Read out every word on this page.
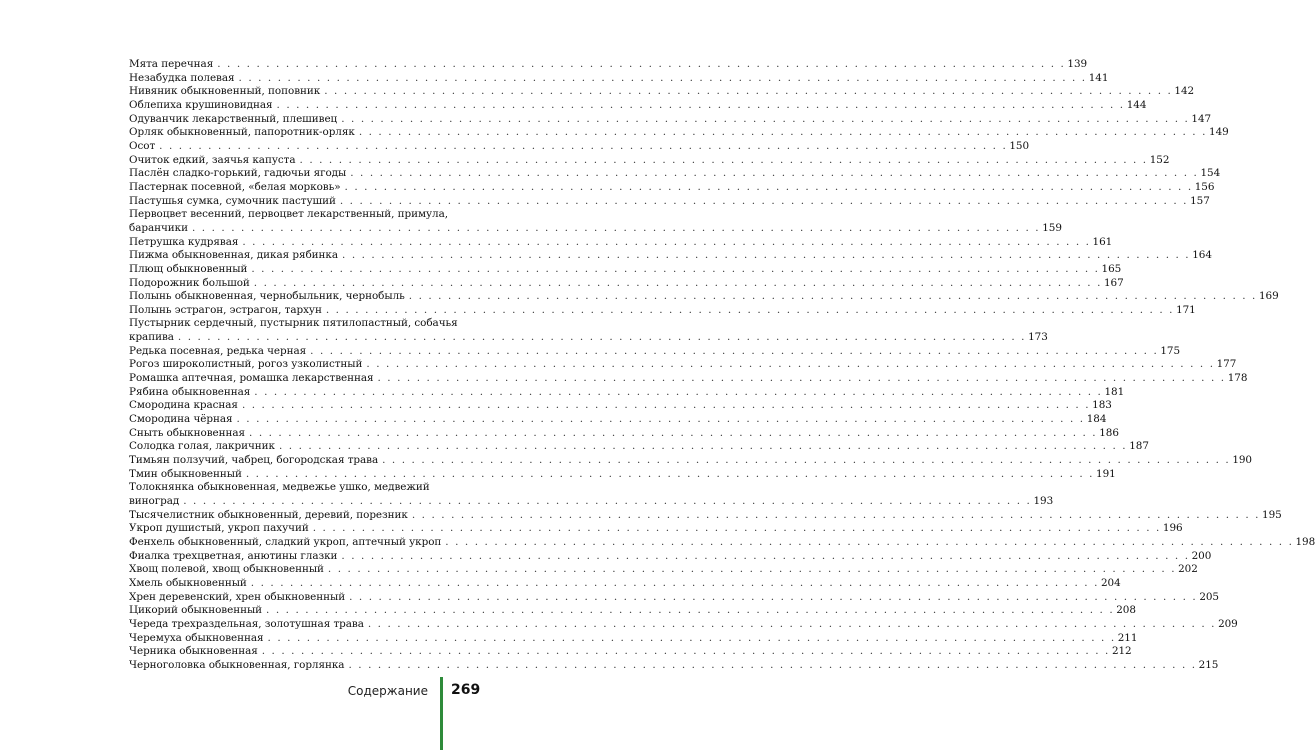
Мята перечная . . . . . . . . . . . . . . . . . . . . . . . . . . . . . . . . . . . . . . . . . . . . . . . . . . . . . . . . . . . . . . . . . . . . . . . . . . . . . . . . . . . . . . . 139
Незабудка полевая . . . . . . . . . . . . . . . . . . . . . . . . . . . . . . . . . . . . . . . . . . . . . . . . . . . . . . . . . . . . . . . . . . . . . . . . . . . . . . . . . . . . . . . 141
Нивяник обыкновенный, поповник . . . . . . . . . . . . . . . . . . . . . . . . . . . . . . . . . . . . . . . . . . . . . . . . . . . . . . . . . . . . . . . . . . . . . . . . . . . . . . . . . . . . . . . 142
Облепиха крушиновидная . . . . . . . . . . . . . . . . . . . . . . . . . . . . . . . . . . . . . . . . . . . . . . . . . . . . . . . . . . . . . . . . . . . . . . . . . . . . . . . . . . . . . . . 144
Одуванчик лекарственный, плешивец . . . . . . . . . . . . . . . . . . . . . . . . . . . . . . . . . . . . . . . . . . . . . . . . . . . . . . . . . . . . . . . . . . . . . . . . . . . . . . . . . . . . . . . 147
Орляк обыкновенный, папоротник-орляк . . . . . . . . . . . . . . . . . . . . . . . . . . . . . . . . . . . . . . . . . . . . . . . . . . . . . . . . . . . . . . . . . . . . . . . . . . . . . . . . . . . . . . . 149
Осот . . . . . . . . . . . . . . . . . . . . . . . . . . . . . . . . . . . . . . . . . . . . . . . . . . . . . . . . . . . . . . . . . . . . . . . . . . . . . . . . . . . . . . . 150
Очиток едкий, заячья капуста . . . . . . . . . . . . . . . . . . . . . . . . . . . . . . . . . . . . . . . . . . . . . . . . . . . . . . . . . . . . . . . . . . . . . . . . . . . . . . . . . . . . . . . 152
Паслён сладко-горький, гадючьи ягоды . . . . . . . . . . . . . . . . . . . . . . . . . . . . . . . . . . . . . . . . . . . . . . . . . . . . . . . . . . . . . . . . . . . . . . . . . . . . . . . . . . . . . . . 154
Пастернак посевной, «белая морковь» . . . . . . . . . . . . . . . . . . . . . . . . . . . . . . . . . . . . . . . . . . . . . . . . . . . . . . . . . . . . . . . . . . . . . . . . . . . . . . . . . . . . . . . 156
Пастушья сумка, сумочник пастуший . . . . . . . . . . . . . . . . . . . . . . . . . . . . . . . . . . . . . . . . . . . . . . . . . . . . . . . . . . . . . . . . . . . . . . . . . . . . . . . . . . . . . . . 157
Первоцвет весенний, первоцвет лекарственный, примула,
баранчики . . . . . . . . . . . . . . . . . . . . . . . . . . . . . . . . . . . . . . . . . . . . . . . . . . . . . . . . . . . . . . . . . . . . . . . . . . . . . . . . . . . . . . . 159
Петрушка кудрявая . . . . . . . . . . . . . . . . . . . . . . . . . . . . . . . . . . . . . . . . . . . . . . . . . . . . . . . . . . . . . . . . . . . . . . . . . . . . . . . . . . . . . . . 161
Пижма обыкновенная, дикая рябинка . . . . . . . . . . . . . . . . . . . . . . . . . . . . . . . . . . . . . . . . . . . . . . . . . . . . . . . . . . . . . . . . . . . . . . . . . . . . . . . . . . . . . . . 164
Плющ обыкновенный . . . . . . . . . . . . . . . . . . . . . . . . . . . . . . . . . . . . . . . . . . . . . . . . . . . . . . . . . . . . . . . . . . . . . . . . . . . . . . . . . . . . . . . 165
Подорожник большой . . . . . . . . . . . . . . . . . . . . . . . . . . . . . . . . . . . . . . . . . . . . . . . . . . . . . . . . . . . . . . . . . . . . . . . . . . . . . . . . . . . . . . . 167
Полынь обыкновенная, чернобыльник, чернобыль . . . . . . . . . . . . . . . . . . . . . . . . . . . . . . . . . . . . . . . . . . . . . . . . . . . . . . . . . . . . . . . . . . . . . . . . . . . . . . . . . . . . . . . 169
Полынь эстрагон, эстрагон, тархун . . . . . . . . . . . . . . . . . . . . . . . . . . . . . . . . . . . . . . . . . . . . . . . . . . . . . . . . . . . . . . . . . . . . . . . . . . . . . . . . . . . . . . . 171
Пустырник сердечный, пустырник пятилопастный, собачья
крапива . . . . . . . . . . . . . . . . . . . . . . . . . . . . . . . . . . . . . . . . . . . . . . . . . . . . . . . . . . . . . . . . . . . . . . . . . . . . . . . . . . . . . . . 173
Редька посевная, редька черная . . . . . . . . . . . . . . . . . . . . . . . . . . . . . . . . . . . . . . . . . . . . . . . . . . . . . . . . . . . . . . . . . . . . . . . . . . . . . . . . . . . . . . . 175
Рогоз широколистный, рогоз узколистный . . . . . . . . . . . . . . . . . . . . . . . . . . . . . . . . . . . . . . . . . . . . . . . . . . . . . . . . . . . . . . . . . . . . . . . . . . . . . . . . . . . . . . . 177
Ромашка аптечная, ромашка лекарственная . . . . . . . . . . . . . . . . . . . . . . . . . . . . . . . . . . . . . . . . . . . . . . . . . . . . . . . . . . . . . . . . . . . . . . . . . . . . . . . . . . . . . . . 178
Рябина обыкновенная . . . . . . . . . . . . . . . . . . . . . . . . . . . . . . . . . . . . . . . . . . . . . . . . . . . . . . . . . . . . . . . . . . . . . . . . . . . . . . . . . . . . . . . 181
Смородина красная . . . . . . . . . . . . . . . . . . . . . . . . . . . . . . . . . . . . . . . . . . . . . . . . . . . . . . . . . . . . . . . . . . . . . . . . . . . . . . . . . . . . . . . 183
Смородина чёрная . . . . . . . . . . . . . . . . . . . . . . . . . . . . . . . . . . . . . . . . . . . . . . . . . . . . . . . . . . . . . . . . . . . . . . . . . . . . . . . . . . . . . . . 184
Сныть обыкновенная . . . . . . . . . . . . . . . . . . . . . . . . . . . . . . . . . . . . . . . . . . . . . . . . . . . . . . . . . . . . . . . . . . . . . . . . . . . . . . . . . . . . . . . 186
Солодка голая, лакричник . . . . . . . . . . . . . . . . . . . . . . . . . . . . . . . . . . . . . . . . . . . . . . . . . . . . . . . . . . . . . . . . . . . . . . . . . . . . . . . . . . . . . . . 187
Тимьян ползучий, чабрец, богородская трава . . . . . . . . . . . . . . . . . . . . . . . . . . . . . . . . . . . . . . . . . . . . . . . . . . . . . . . . . . . . . . . . . . . . . . . . . . . . . . . . . . . . . . . 190
Тмин обыкновенный . . . . . . . . . . . . . . . . . . . . . . . . . . . . . . . . . . . . . . . . . . . . . . . . . . . . . . . . . . . . . . . . . . . . . . . . . . . . . . . . . . . . . . . 191
Толокнянка обыкновенная, медвежье ушко, медвежий
виноград . . . . . . . . . . . . . . . . . . . . . . . . . . . . . . . . . . . . . . . . . . . . . . . . . . . . . . . . . . . . . . . . . . . . . . . . . . . . . . . . . . . . . . . 193
Тысячелистник обыкновенный, деревий, порезник . . . . . . . . . . . . . . . . . . . . . . . . . . . . . . . . . . . . . . . . . . . . . . . . . . . . . . . . . . . . . . . . . . . . . . . . . . . . . . . . . . . . . . . 195
Укроп душистый, укроп пахучий . . . . . . . . . . . . . . . . . . . . . . . . . . . . . . . . . . . . . . . . . . . . . . . . . . . . . . . . . . . . . . . . . . . . . . . . . . . . . . . . . . . . . . . 196
Фенхель обыкновенный, сладкий укроп, аптечный укроп . . . . . . . . . . . . . . . . . . . . . . . . . . . . . . . . . . . . . . . . . . . . . . . . . . . . . . . . . . . . . . . . . . . . . . . . . . . . . . . . . . . . . . . 198
Фиалка трехцветная, анютины глазки . . . . . . . . . . . . . . . . . . . . . . . . . . . . . . . . . . . . . . . . . . . . . . . . . . . . . . . . . . . . . . . . . . . . . . . . . . . . . . . . . . . . . . . 200
Хвощ полевой, хвощ обыкновенный . . . . . . . . . . . . . . . . . . . . . . . . . . . . . . . . . . . . . . . . . . . . . . . . . . . . . . . . . . . . . . . . . . . . . . . . . . . . . . . . . . . . . . . 202
Хмель обыкновенный . . . . . . . . . . . . . . . . . . . . . . . . . . . . . . . . . . . . . . . . . . . . . . . . . . . . . . . . . . . . . . . . . . . . . . . . . . . . . . . . . . . . . . . 204
Хрен деревенский, хрен обыкновенный . . . . . . . . . . . . . . . . . . . . . . . . . . . . . . . . . . . . . . . . . . . . . . . . . . . . . . . . . . . . . . . . . . . . . . . . . . . . . . . . . . . . . . . 205
Цикорий обыкновенный . . . . . . . . . . . . . . . . . . . . . . . . . . . . . . . . . . . . . . . . . . . . . . . . . . . . . . . . . . . . . . . . . . . . . . . . . . . . . . . . . . . . . . . 208
Череда трехраздельная, золотушная трава . . . . . . . . . . . . . . . . . . . . . . . . . . . . . . . . . . . . . . . . . . . . . . . . . . . . . . . . . . . . . . . . . . . . . . . . . . . . . . . . . . . . . . . 209
Черемуха обыкновенная . . . . . . . . . . . . . . . . . . . . . . . . . . . . . . . . . . . . . . . . . . . . . . . . . . . . . . . . . . . . . . . . . . . . . . . . . . . . . . . . . . . . . . . 211
Черника обыкновенная . . . . . . . . . . . . . . . . . . . . . . . . . . . . . . . . . . . . . . . . . . . . . . . . . . . . . . . . . . . . . . . . . . . . . . . . . . . . . . . . . . . . . . . 212
Черноголовка обыкновенная, горлянка . . . . . . . . . . . . . . . . . . . . . . . . . . . . . . . . . . . . . . . . . . . . . . . . . . . . . . . . . . . . . . . . . . . . . . . . . . . . . . . . . . . . . . . 215
Содержание 269
